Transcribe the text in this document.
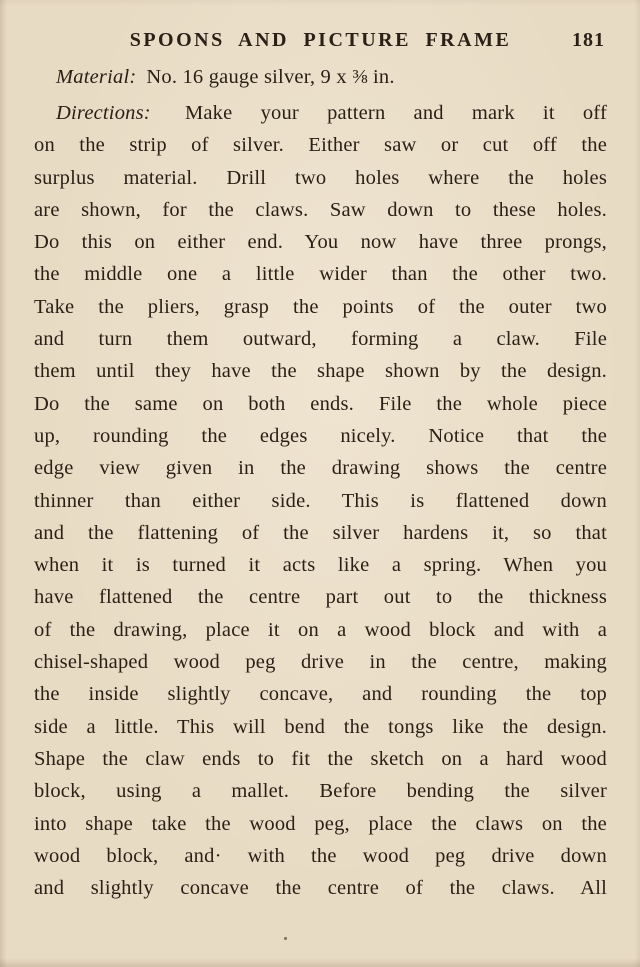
SPOONS AND PICTURE FRAME	181

Material: No. 16 gauge silver, 9 x ⅜ in.

Directions: Make your pattern and mark it off
on the strip of silver. Either saw or cut off the
surplus material. Drill two holes where the holes
are shown, for the claws. Saw down to these holes.
Do this on either end. You now have three prongs,
the middle one a little wider than the other two.
Take the pliers, grasp the points of the outer two
and turn them outward, forming a claw. File
them until they have the shape shown by the design.
Do the same on both ends. File the whole piece
up, rounding the edges nicely. Notice that the
edge view given in the drawing shows the centre
thinner than either side. This is flattened down
and the flattening of the silver hardens it, so that
when it is turned it acts like a spring. When you
have flattened the centre part out to the thickness
of the drawing, place it on a wood block and with a
chisel-shaped wood peg drive in the centre, making
the inside slightly concave, and rounding the top
side a little. This will bend the tongs like the design.
Shape the claw ends to fit the sketch on a hard wood
block, using a mallet. Before bending the silver
into shape take the wood peg, place the claws on the
wood block, and· with the wood peg drive down
and slightly concave the centre of the claws. All
